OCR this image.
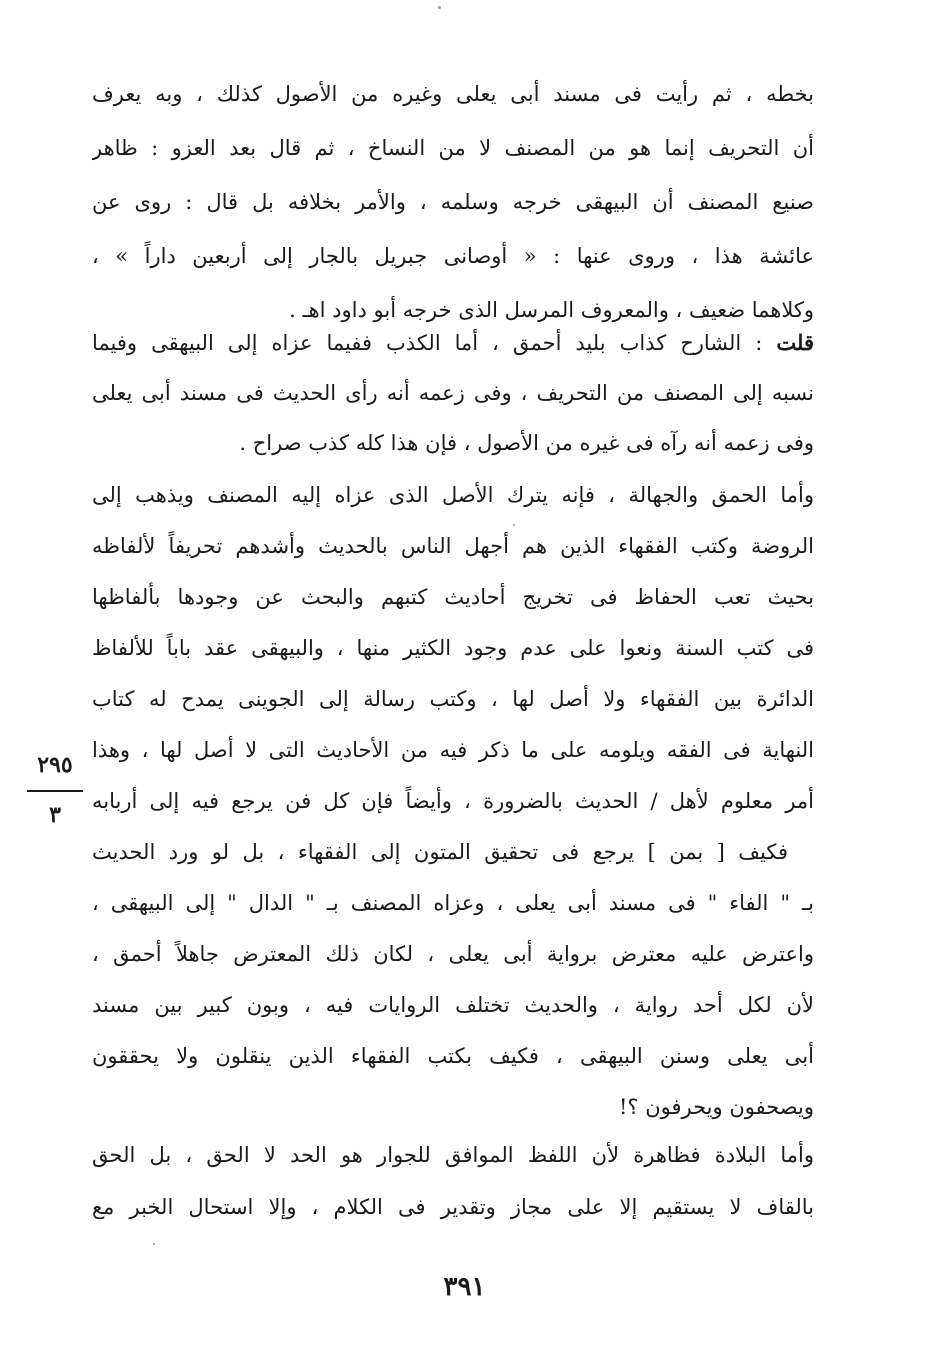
بخطه ، ثم رأيت فى مسند أبى يعلى وغيره من الأصول كذلك ، وبه يعرف
أن التحريف إنما هو من المصنف لا من النساخ ، ثم قال بعد العزو : ظاهر
صنيع المصنف أن البيهقى خرجه وسلمه ، والأمر بخلافه بل قال : روى عن
عائشة هذا ، وروى عنها : « أوصانى جبريل بالجار إلى أربعين داراً » ،
وكلاهما ضعيف ، والمعروف المرسل الذى خرجه أبو داود اهـ .
قلت : الشارح كذاب بليد أحمق ، أما الكذب ففيما عزاه إلى البيهقى وفيما
نسبه إلى المصنف من التحريف ، وفى زعمه أنه رأى الحديث فى مسند أبى يعلى
وفى زعمه أنه رآه فى غيره من الأصول ، فإن هذا كله كذب صراح .
وأما الحمق والجهالة ، فإنه يترك الأصل الذى عزاه إليه المصنف ويذهب إلى
الروضة وكتب الفقهاء الذين هم أجهل الناس بالحديث وأشدهم تحريفاً لألفاظه
بحيث تعب الحفاظ فى تخريج أحاديث كتبهم والبحث عن وجودها بألفاظها
فى كتب السنة ونعوا على عدم وجود الكثير منها ، والبيهقى عقد باباً للألفاظ
الدائرة بين الفقهاء ولا أصل لها ، وكتب رسالة إلى الجوينى يمدح له كتاب
النهاية فى الفقه ويلومه على ما ذكر فيه من الأحاديث التى لا أصل لها ، وهذا
أمر معلوم لأهل / الحديث بالضرورة ، وأيضاً فإن كل فن يرجع فيه إلى أربابه
فكيف [ بمن ] يرجع فى تحقيق المتون إلى الفقهاء ، بل لو ورد الحديث
بـ " الفاء " فى مسند أبى يعلى ، وعزاه المصنف بـ " الدال " إلى البيهقى ،
واعترض عليه معترض برواية أبى يعلى ، لكان ذلك المعترض جاهلاً أحمق ،
لأن لكل أحد رواية ، والحديث تختلف الروايات فيه ، وبون كبير بين مسند
أبى يعلى وسنن البيهقى ، فكيف بكتب الفقهاء الذين ينقلون ولا يحققون
ويصحفون ويحرفون ؟!
وأما البلادة فظاهرة لأن اللفظ الموافق للجوار هو الحد لا الحق ، بل الحق
بالقاف لا يستقيم إلا على مجاز وتقدير فى الكلام ، وإلا استحال الخبر مع
٢٩٥
٣
٣٩١
